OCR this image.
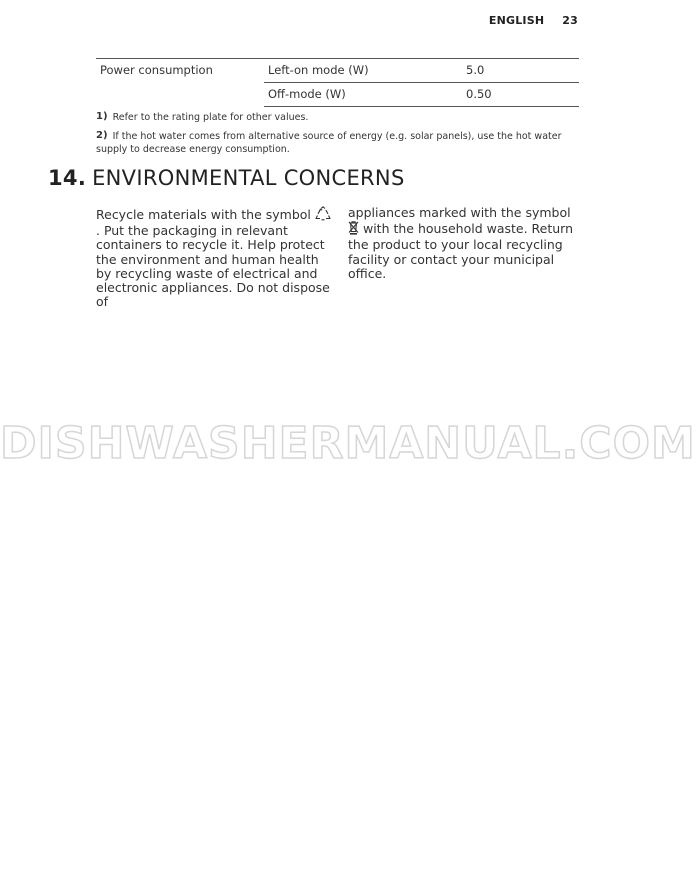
ENGLISH 23
Power consumption	Left-on mode (W)	5.0
	Off-mode (W)	0.50

$^{1)}$ Refer to the rating plate for other values.

$^{2)}$ If the hot water comes from alternative source of energy (e.g. solar panels), use the hot water supply to decrease energy consumption.

14. ENVIRONMENTAL CONCERNS
Recycle materials with the symbol . Put the packaging in relevant containers to recycle it. Help protect the environment and human health by recycling waste of electrical and electronic appliances. Do not dispose of
appliances marked with the symbol  with the household waste. Return the product to your local recycling facility or contact your municipal office.
DISHWASHERMANUAL.COM
